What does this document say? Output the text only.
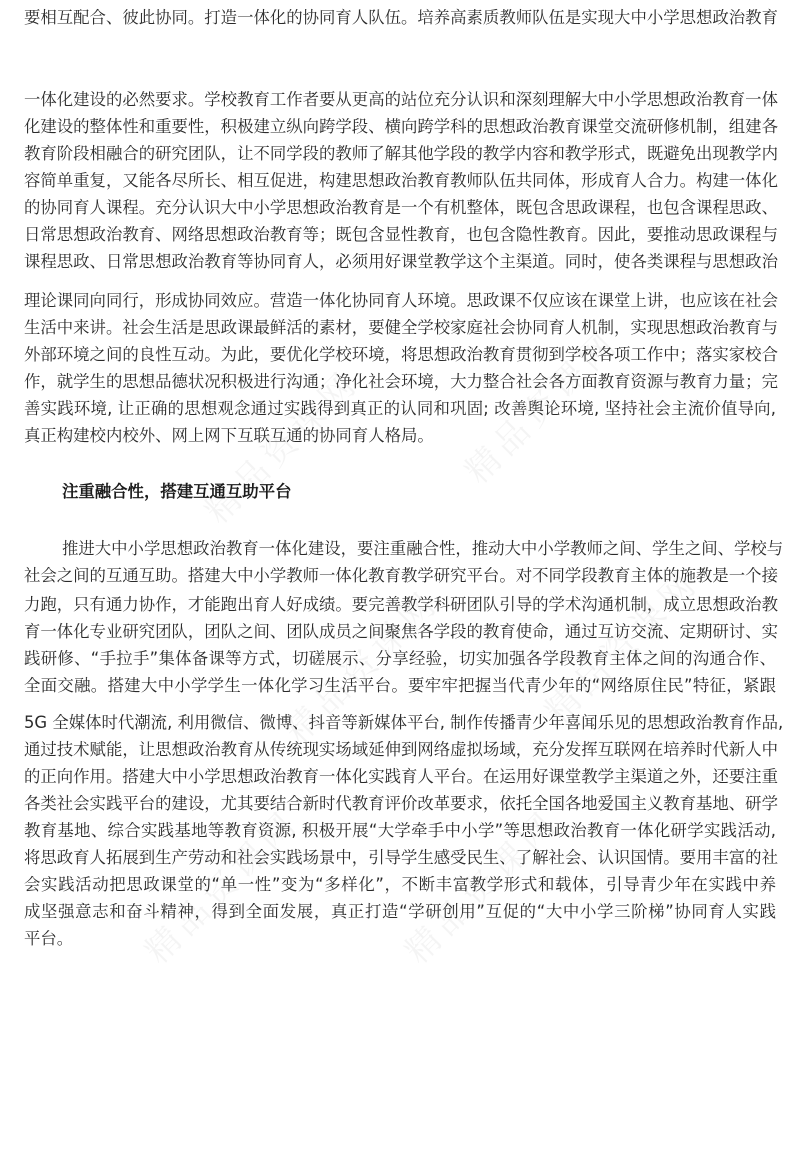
要相互配合、彼此协同。打造一体化的协同育人队伍。培养高素质教师队伍是实现大中小学思想政治教育
一体化建设的必然要求。学校教育工作者要从更高的站位充分认识和深刻理解大中小学思想政治教育一体
化建设的整体性和重要性，积极建立纵向跨学段、横向跨学科的思想政治教育课堂交流研修机制，组建各
教育阶段相融合的研究团队，让不同学段的教师了解其他学段的教学内容和教学形式，既避免出现教学内
容简单重复，又能各尽所长、相互促进，构建思想政治教育教师队伍共同体，形成育人合力。构建一体化
的协同育人课程。充分认识大中小学思想政治教育是一个有机整体，既包含思政课程，也包含课程思政、
日常思想政治教育、网络思想政治教育等；既包含显性教育，也包含隐性教育。因此，要推动思政课程与
课程思政、日常思想政治教育等协同育人，必须用好课堂教学这个主渠道。同时，使各类课程与思想政治
理论课同向同行，形成协同效应。营造一体化协同育人环境。思政课不仅应该在课堂上讲，也应该在社会
生活中来讲。社会生活是思政课最鲜活的素材，要健全学校家庭社会协同育人机制，实现思想政治教育与
外部环境之间的良性互动。为此，要优化学校环境，将思想政治教育贯彻到学校各项工作中；落实家校合
作，就学生的思想品德状况积极进行沟通；净化社会环境，大力整合社会各方面教育资源与教育力量；完
善实践环境, 让正确的思想观念通过实践得到真正的认同和巩固; 改善舆论环境, 坚持社会主流价值导向,
真正构建校内校外、网上网下互联互通的协同育人格局。
注重融合性，搭建互通互助平台
推进大中小学思想政治教育一体化建设，要注重融合性，推动大中小学教师之间、学生之间、学校与
社会之间的互通互助。搭建大中小学教师一体化教育教学研究平台。对不同学段教育主体的施教是一个接
力跑，只有通力协作，才能跑出育人好成绩。要完善教学科研团队引导的学术沟通机制，成立思想政治教
育一体化专业研究团队，团队之间、团队成员之间聚焦各学段的教育使命，通过互访交流、定期研讨、实
践研修、“手拉手”集体备课等方式，切磋展示、分享经验，切实加强各学段教育主体之间的沟通合作、
全面交融。搭建大中小学学生一体化学习生活平台。要牢牢把握当代青少年的“网络原住民”特征，紧跟
5G 全媒体时代潮流, 利用微信、微博、抖音等新媒体平台, 制作传播青少年喜闻乐见的思想政治教育作品,
通过技术赋能，让思想政治教育从传统现实场域延伸到网络虚拟场域，充分发挥互联网在培养时代新人中
的正向作用。搭建大中小学思想政治教育一体化实践育人平台。在运用好课堂教学主渠道之外，还要注重
各类社会实践平台的建设，尤其要结合新时代教育评价改革要求，依托全国各地爱国主义教育基地、研学
教育基地、综合实践基地等教育资源, 积极开展“大学牵手中小学”等思想政治教育一体化研学实践活动,
将思政育人拓展到生产劳动和社会实践场景中，引导学生感受民生、了解社会、认识国情。要用丰富的社
会实践活动把思政课堂的“单一性”变为“多样化”，不断丰富教学形式和载体，引导青少年在实践中养
成坚强意志和奋斗精神，得到全面发展，真正打造“学研创用”互促的“大中小学三阶梯”协同育人实践
平台。
